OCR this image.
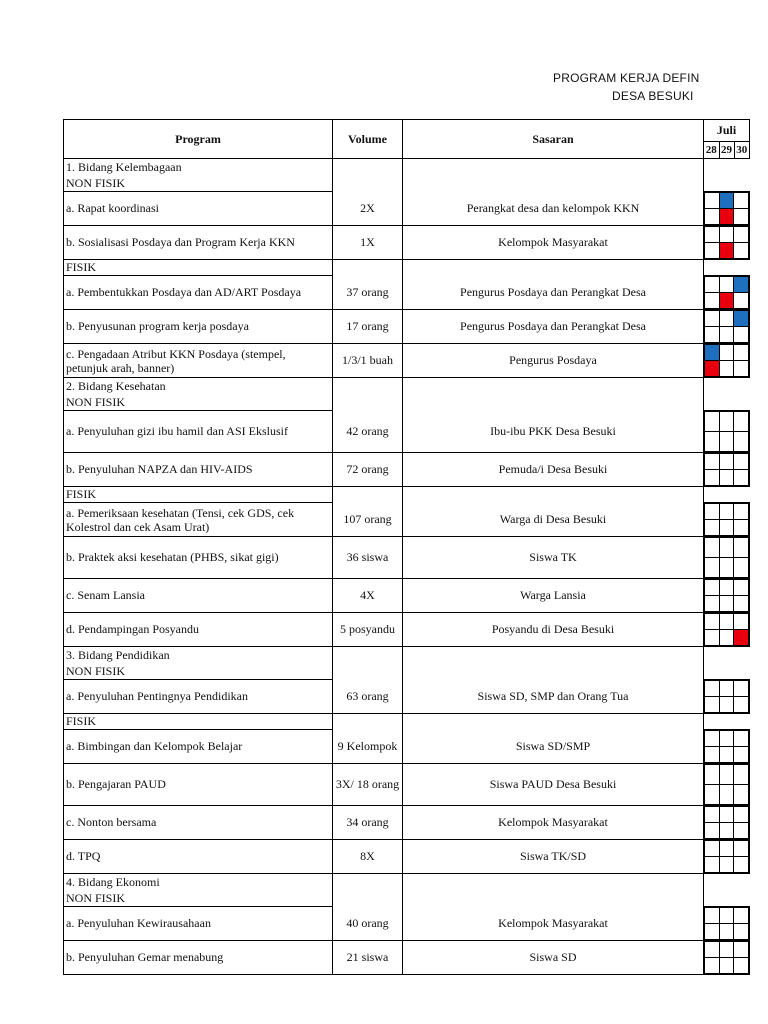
PROGRAM KERJA DEFIN
DESA BESUKI
Program	Volume	Sasaran	
Juli
28	29	30

1. Bidang Kelembagaan			
NON FISIK			
a. Rapat koordinasi	2X	Perangkat desa dan kelompok KKN	

b. Sosialisasi Posdaya dan Program Kerja KKN	1X	Kelompok Masyarakat	

FISIK			
a. Pembentukkan Posdaya dan AD/ART Posdaya	37 orang	Pengurus Posdaya dan Perangkat Desa	

b. Penyusunan program kerja posdaya	17 orang	Pengurus Posdaya dan Perangkat Desa	

c. Pengadaan Atribut KKN Posdaya (stempel, petunjuk arah, banner)	1/3/1 buah	Pengurus Posdaya	

2. Bidang Kesehatan			
NON FISIK			
a. Penyuluhan gizi ibu hamil dan ASI Ekslusif	42 orang	Ibu-ibu PKK Desa Besuki	

b. Penyuluhan NAPZA dan HIV-AIDS	72 orang	Pemuda/i Desa Besuki	

FISIK			
a. Pemeriksaan kesehatan (Tensi, cek GDS, cek Kolestrol dan cek Asam Urat)	107 orang	Warga di Desa Besuki	

b. Praktek aksi kesehatan (PHBS, sikat gigi)	36 siswa	Siswa TK	

c. Senam Lansia	4X	Warga Lansia	

d. Pendampingan Posyandu	5 posyandu	Posyandu di Desa Besuki	

3. Bidang Pendidikan			
NON FISIK			
a. Penyuluhan Pentingnya Pendidikan	63 orang	Siswa SD, SMP dan Orang Tua	

FISIK			
a. Bimbingan dan Kelompok Belajar	9 Kelompok	Siswa SD/SMP	

b. Pengajaran PAUD	3X/ 18 orang	Siswa PAUD Desa Besuki	

c. Nonton bersama	34 orang	Kelompok Masyarakat	

d. TPQ	8X	Siswa TK/SD	

4. Bidang Ekonomi			
NON FISIK			
a. Penyuluhan Kewirausahaan	40 orang	Kelompok Masyarakat	

b. Penyuluhan Gemar menabung	21 siswa	Siswa SD	
